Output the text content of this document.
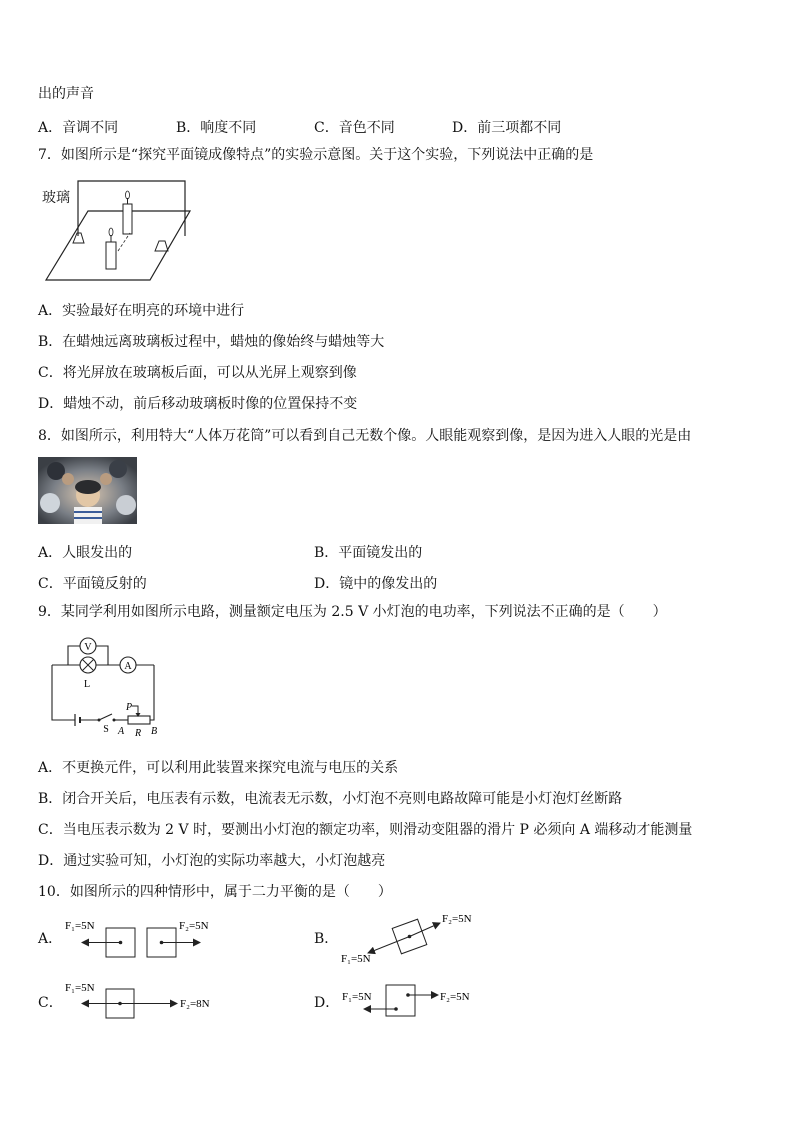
出的声音
A．音调不同	B．响度不同	C．音色不同	D．前三项都不同
7．如图所示是“探究平面镜成像特点”的实验示意图。关于这个实验，下列说法中正确的是
玻璃
A．实验最好在明亮的环境中进行
B．在蜡烛远离玻璃板过程中，蜡烛的像始终与蜡烛等大
C．将光屏放在玻璃板后面，可以从光屏上观察到像
D．蜡烛不动，前后移动玻璃板时像的位置保持不变
8．如图所示，利用特大“人体万花筒”可以看到自己无数个像。人眼能观察到像，是因为进入人眼的光是由
A．人眼发出的	B．平面镜发出的
C．平面镜反射的	D．镜中的像发出的
9．某同学利用如图所示电路，测量额定电压为 2.5 V 小灯泡的电功率，下列说法不正确的是（　　）
V
L
A
S
P
A R B
A．不更换元件，可以利用此装置来探究电流与电压的关系
B．闭合开关后，电压表有示数，电流表无示数，小灯泡不亮则电路故障可能是小灯泡灯丝断路
C．当电压表示数为 2 V 时，要测出小灯泡的额定功率，则滑动变阻器的滑片 P 必须向 A 端移动才能测量
D．通过实验可知，小灯泡的实际功率越大，小灯泡越亮
10．如图所示的四种情形中，属于二力平衡的是（　　）
A．
F₁=5N	F₂=5N
B．
F₁=5N
F₂=5N
C．
F₁=5N
F₂=8N	D． F₁=5N	F₂=5N
